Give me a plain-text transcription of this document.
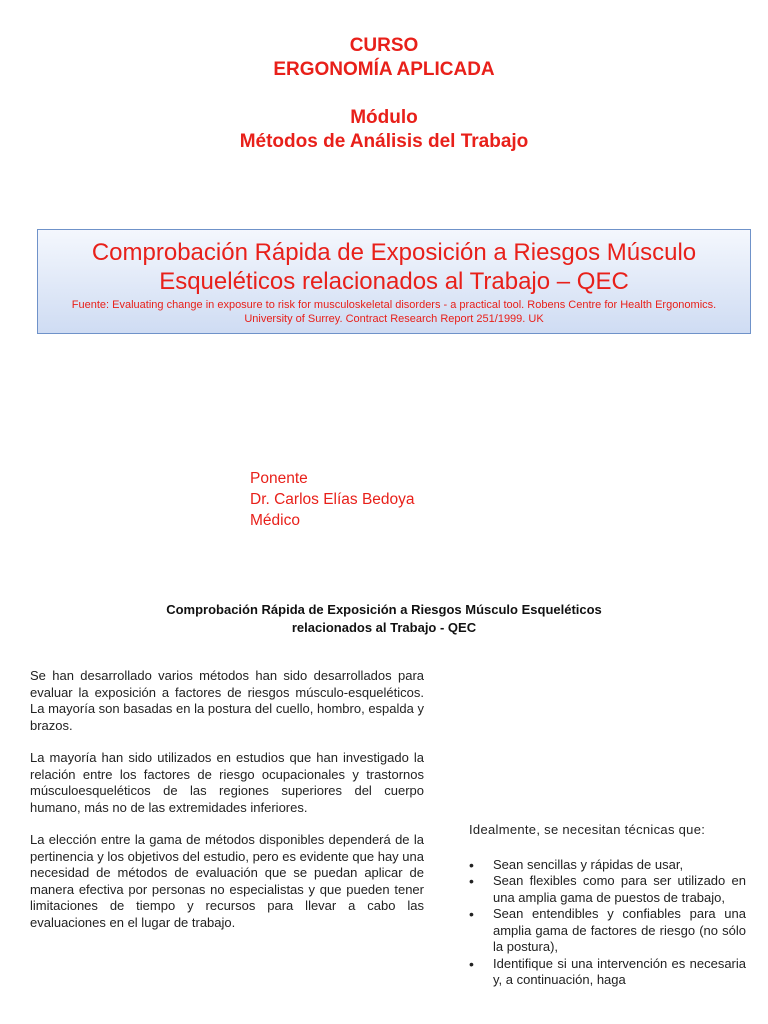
CURSO
ERGONOMÍA APLICADA
Módulo
Métodos de Análisis del Trabajo
Comprobación Rápida de Exposición a Riesgos Músculo
Esqueléticos relacionados al Trabajo – QEC
Fuente: Evaluating change in exposure to risk for musculoskeletal disorders - a practical tool. Robens Centre for Health Ergonomics.
University of Surrey. Contract Research Report 251/1999. UK
Ponente
Dr. Carlos Elías Bedoya
Médico
Comprobación Rápida de Exposición a Riesgos Músculo Esqueléticos
relacionados al Trabajo - QEC

Se han desarrollado varios métodos han sido desarrollados para evaluar la exposición a factores de riesgos músculo-esqueléticos. La mayoría son basadas en la postura del cuello, hombro, espalda y brazos.

La mayoría han sido utilizados en estudios que han investigado la relación entre los factores de riesgo ocupacionales y trastornos músculoesqueléticos de las regiones superiores del cuerpo humano, más no de las extremidades inferiores.

La elección entre la gama de métodos disponibles dependerá de la pertinencia y los objetivos del estudio, pero es evidente que hay una necesidad de métodos de evaluación que se puedan aplicar de manera efectiva por personas no especialistas y que pueden tener limitaciones de tiempo y recursos para llevar a cabo las evaluaciones en el lugar de trabajo.

Idealmente, se necesitan técnicas que:

• Sean sencillas y rápidas de usar,
• Sean flexibles como para ser utilizado en una amplia gama de puestos de trabajo,
• Sean entendibles y confiables para una amplia gama de factores de riesgo (no sólo la postura),
• Identifique si una intervención es necesaria y, a continuación, haga
